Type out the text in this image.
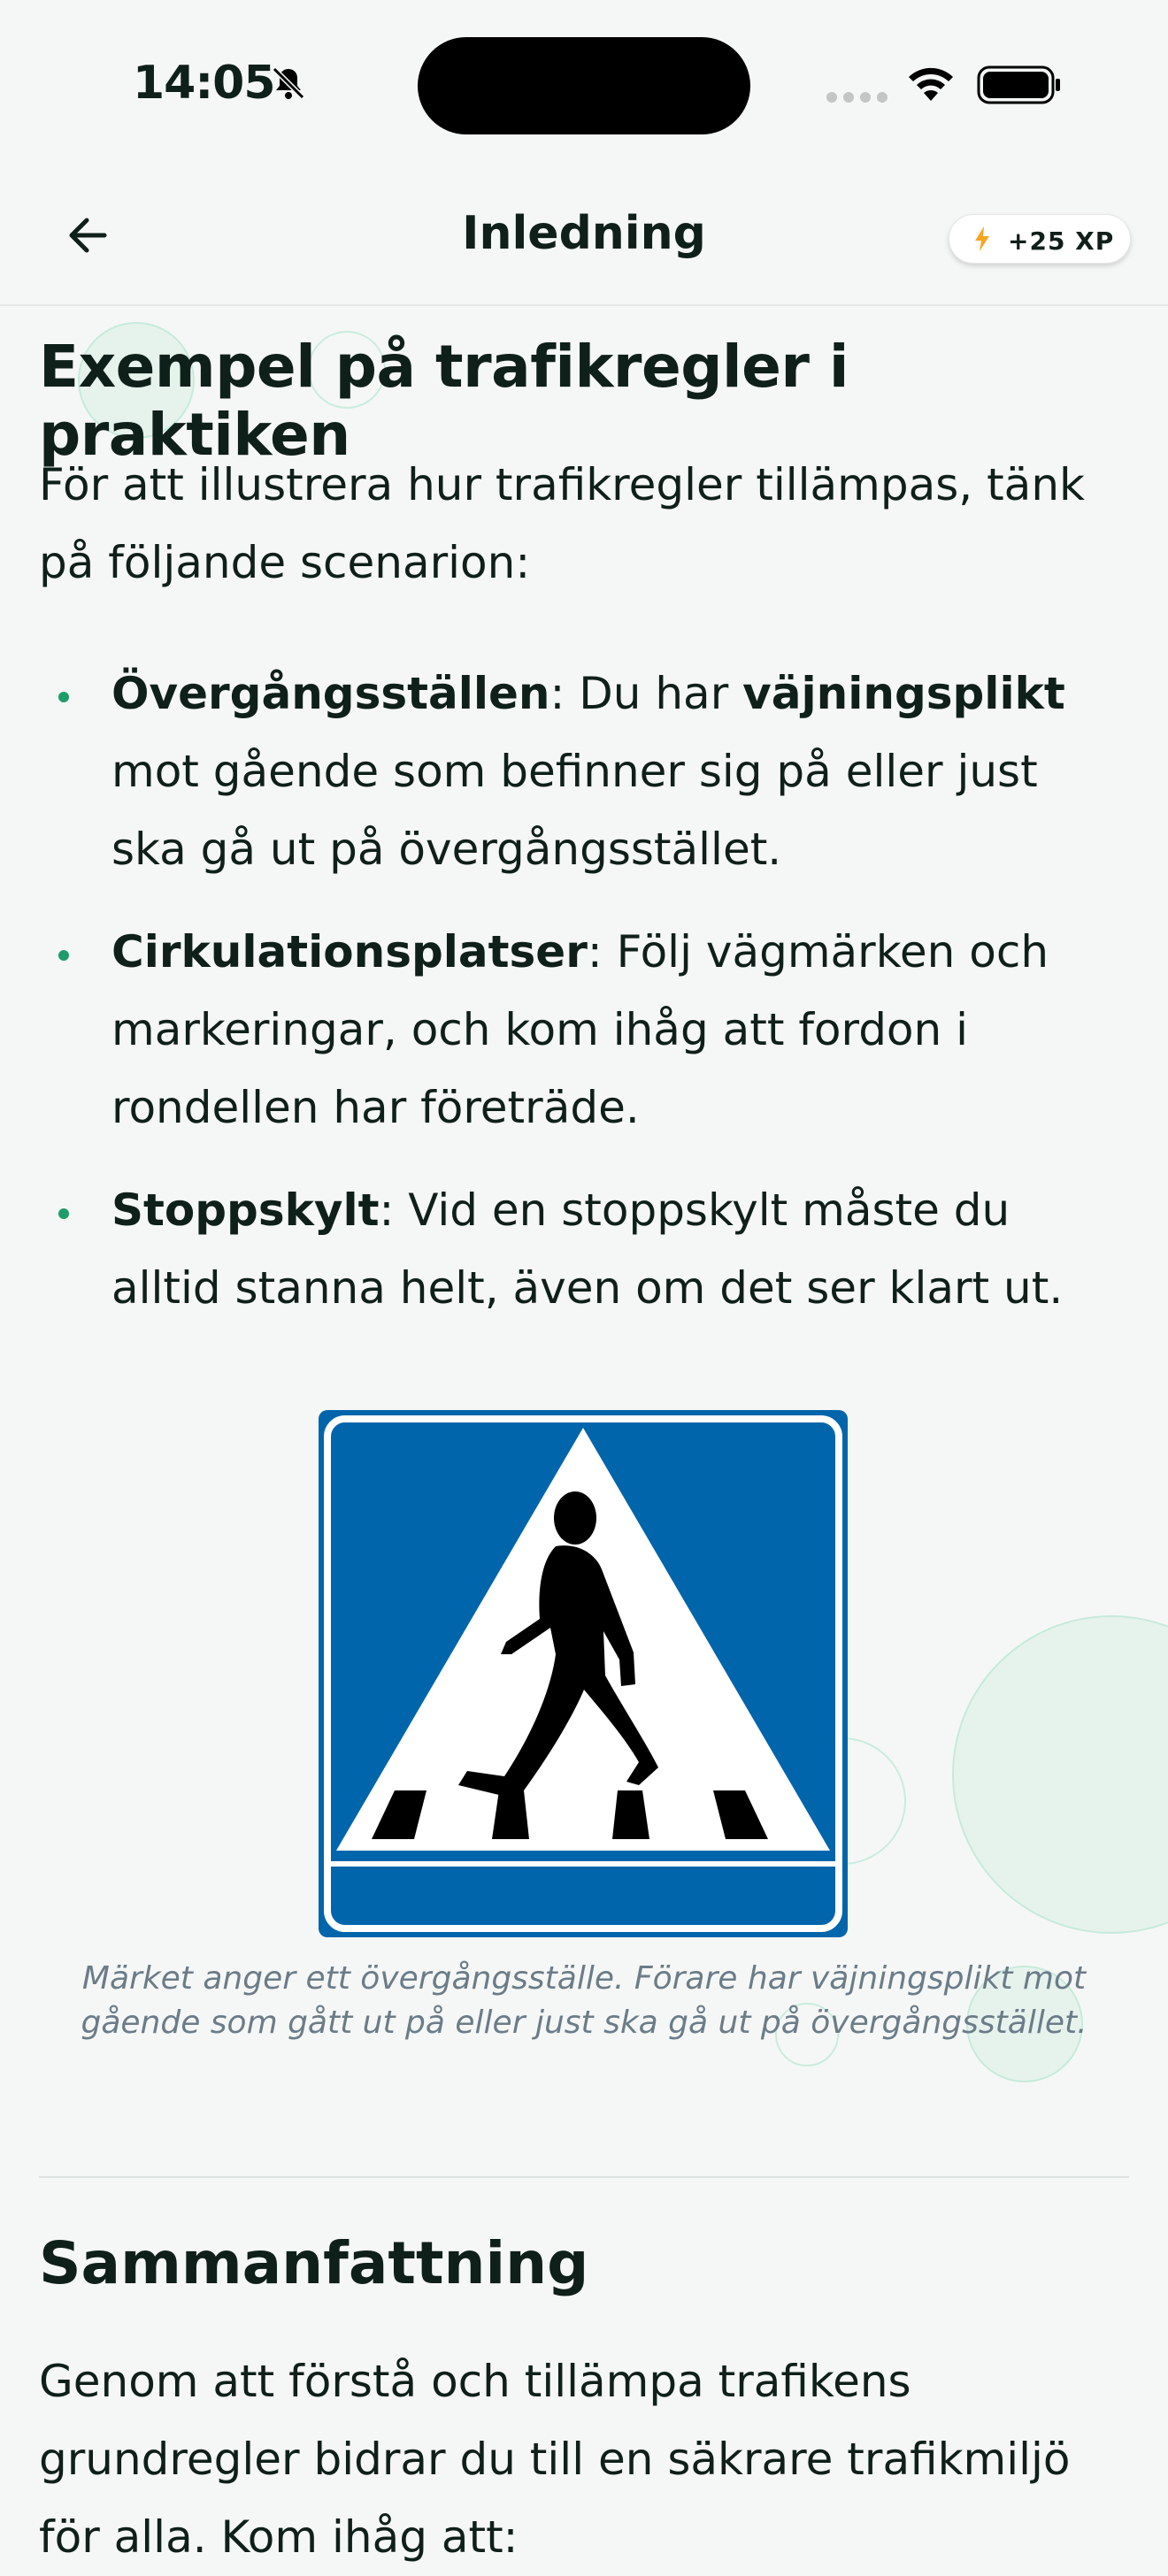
14:05
Inledning	+25 XP
Exempel på trafikregler i praktiken
För att illustrera hur trafikregler tillämpas, tänk
på följande scenarion:
Övergångsställen: Du har väjningsplikt
mot gående som befinner sig på eller just
ska gå ut på övergångsstället.
Cirkulationsplatser: Följ vägmärken och
markeringar, och kom ihåg att fordon i
rondellen har företräde.
Stoppskylt: Vid en stoppskylt måste du
alltid stanna helt, även om det ser klart ut.
Märket anger ett övergångsställe. Förare har väjningsplikt mot
gående som gått ut på eller just ska gå ut på övergångsstället.
Sammanfattning
Genom att förstå och tillämpa trafikens
grundregler bidrar du till en säkrare trafikmiljö
för alla. Kom ihåg att:
